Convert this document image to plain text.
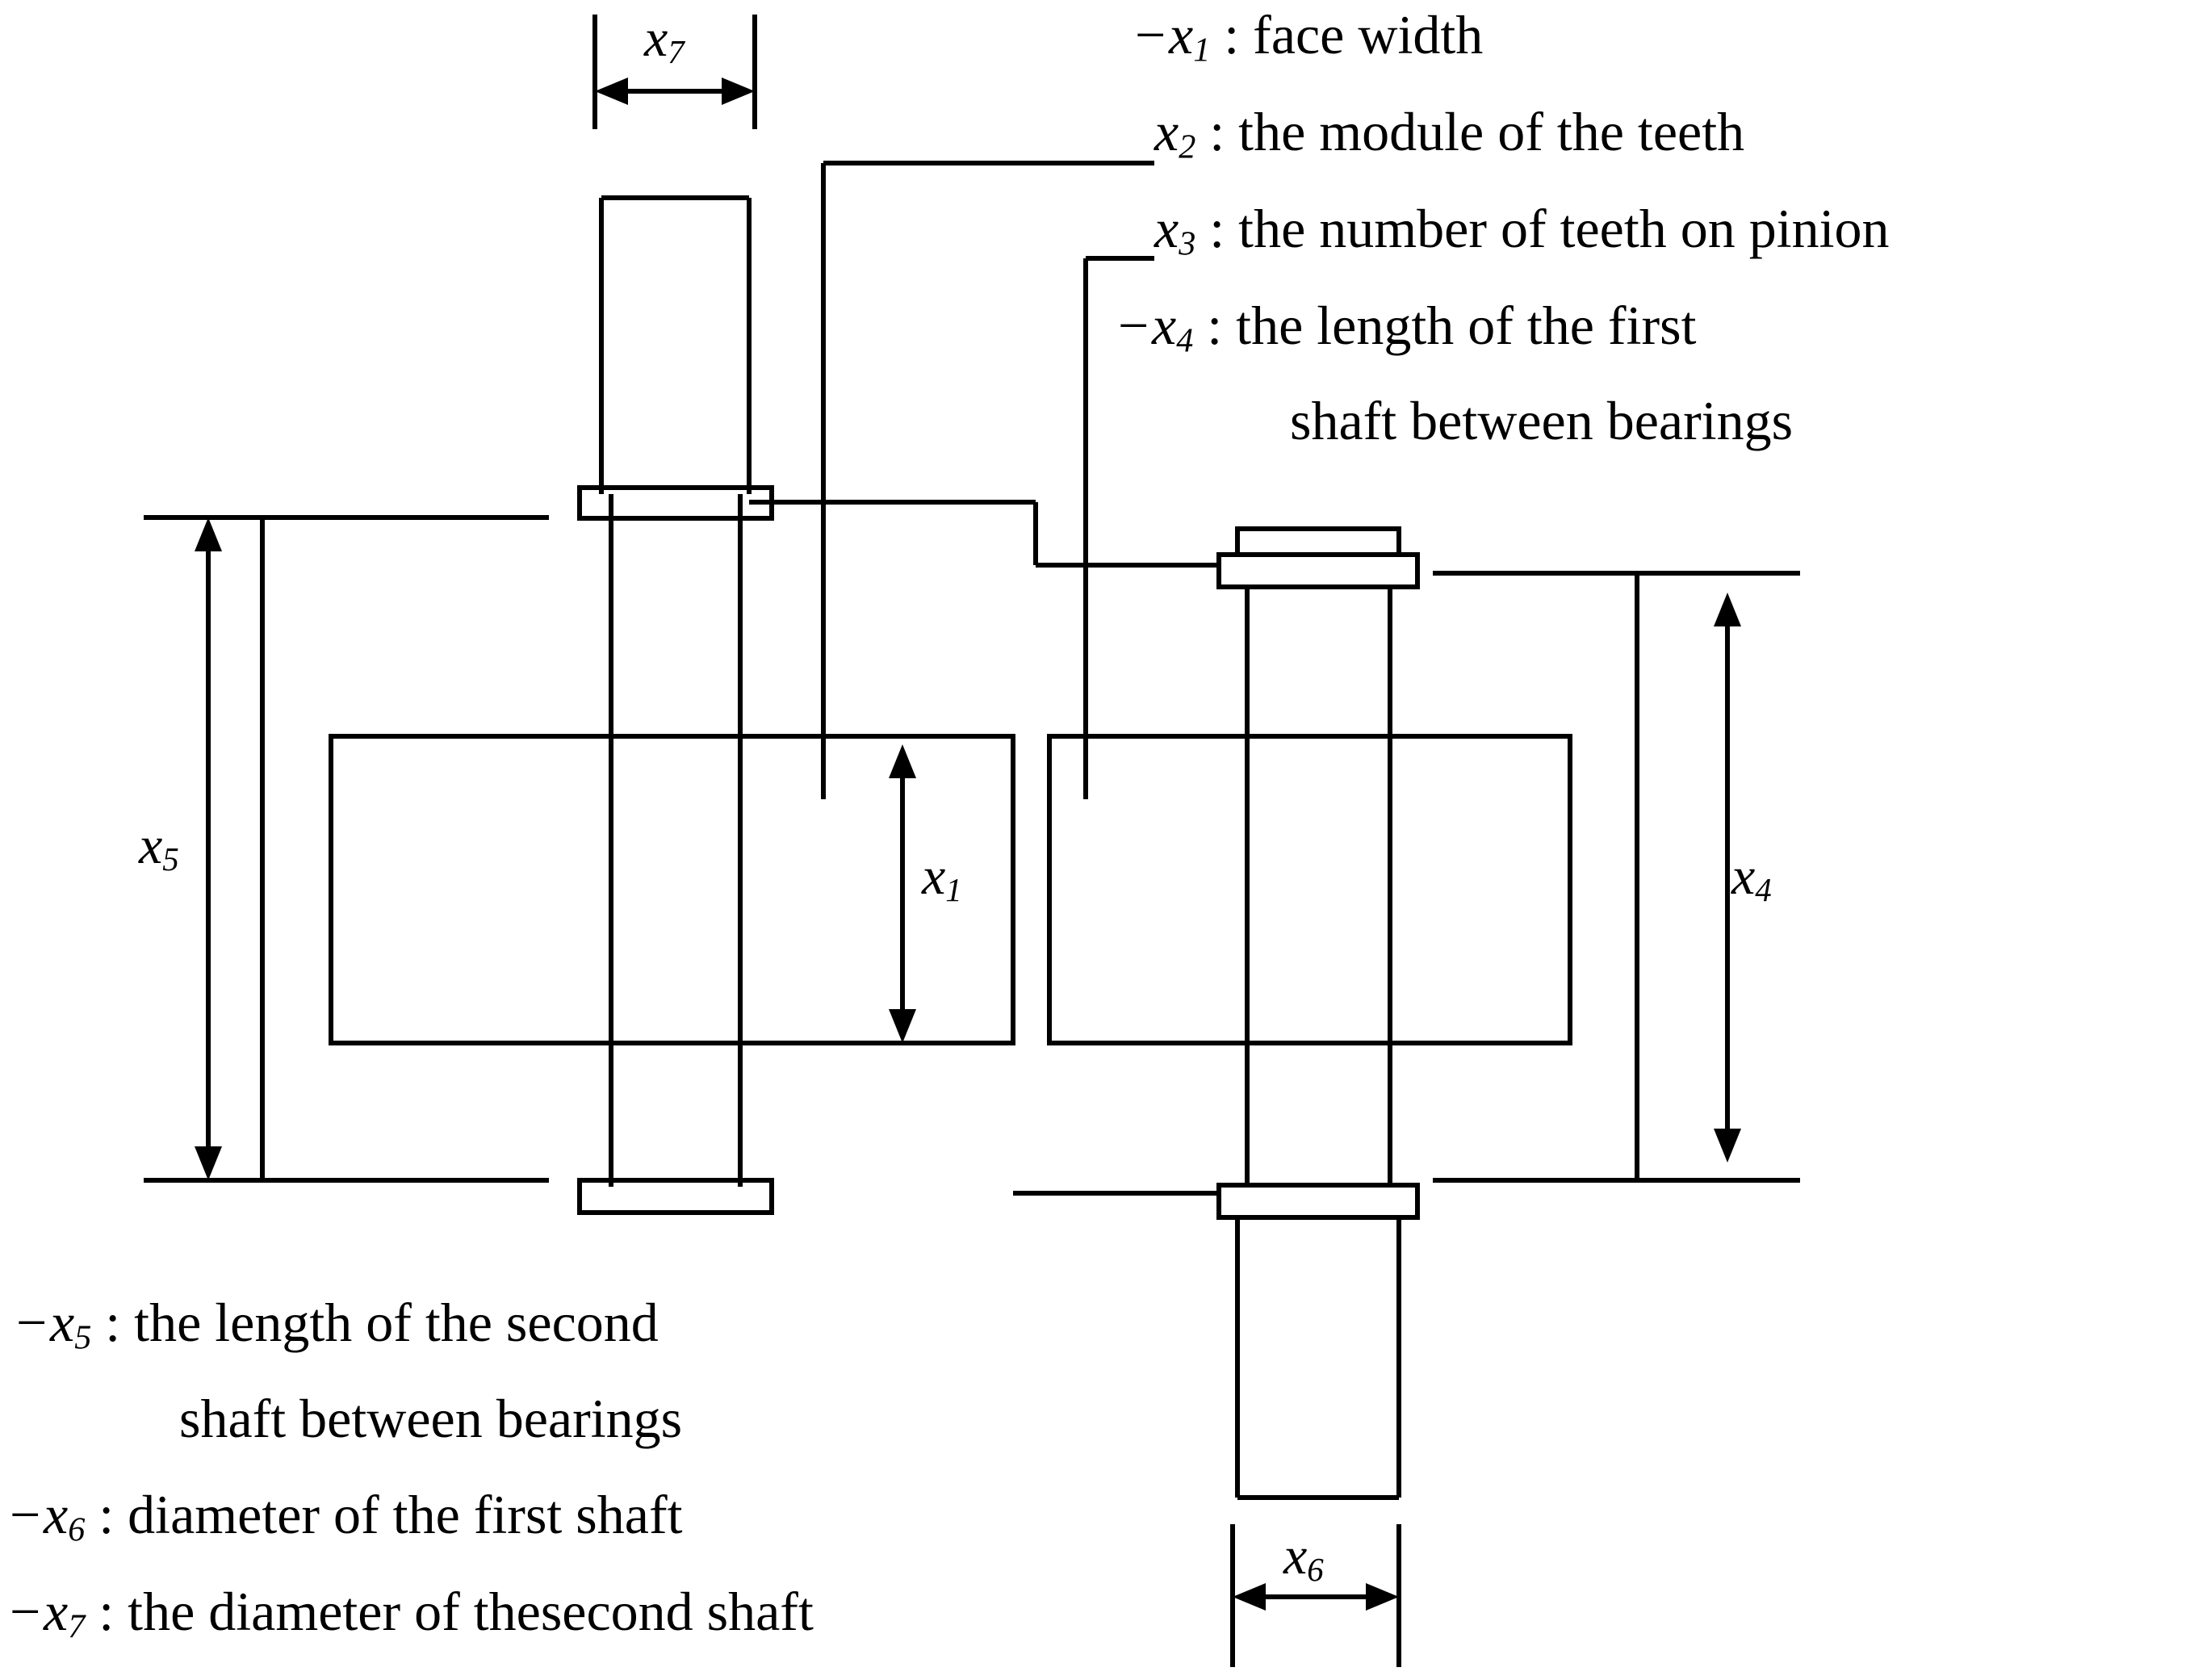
$x_7$
$x_5$	$x_1$	$x_4$
$x_6$
$-x_1$ : face width
$x_2$ : the module of the teeth
$x_3$ : the number of teeth on pinion
$-x_4$ : the length of the first
shaft between bearings
$-x_5$ : the length of the second
shaft between bearings
$-x_6$ : diameter of the first shaft
$-x_7$ : the diameter of thesecond shaft
